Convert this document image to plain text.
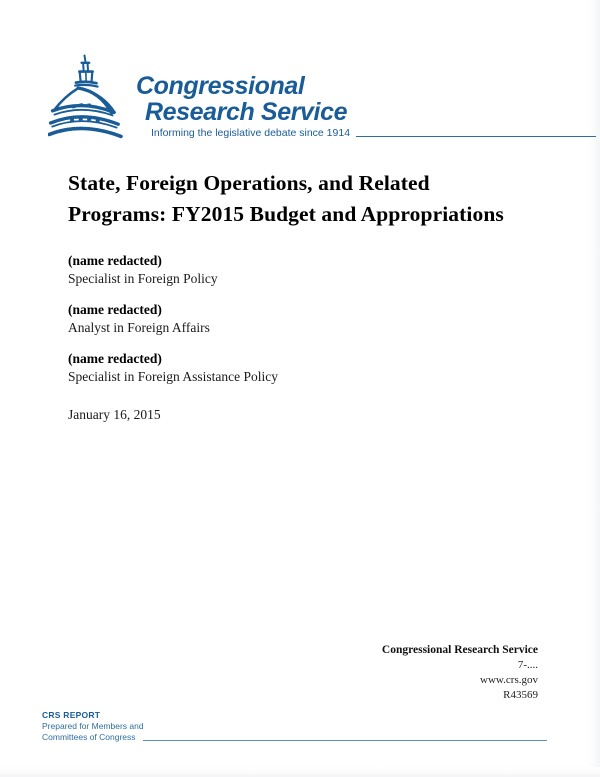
Congressional
Research Service
Informing the legislative debate since 1914
State, Foreign Operations, and Related
Programs: FY2015 Budget and Appropriations
(name redacted)
Specialist in Foreign Policy
(name redacted)
Analyst in Foreign Affairs
(name redacted)
Specialist in Foreign Assistance Policy
January 16, 2015
Congressional Research Service
7-....
www.crs.gov
R43569
CRS REPORT
Prepared for Members and
Committees of Congress
